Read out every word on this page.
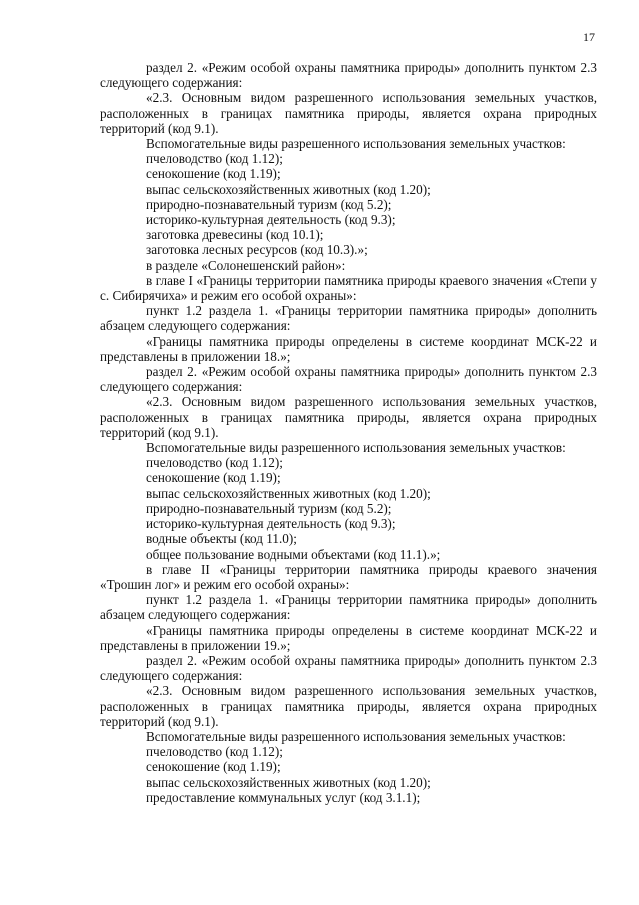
17

раздел 2. «Режим особой охраны памятника природы» дополнить пунктом 2.3 следующего содержания:

«2.3. Основным видом разрешенного использования земельных участков, расположенных в границах памятника природы, является охрана природных территорий (код 9.1).

Вспомогательные виды разрешенного использования земельных участков:

пчеловодство (код 1.12);

сенокошение (код 1.19);

выпас сельскохозяйственных животных (код 1.20);

природно-познавательный туризм (код 5.2);

историко-культурная деятельность (код 9.3);

заготовка древесины (код 10.1);

заготовка лесных ресурсов (код 10.3).»;

в разделе «Солонешенский район»:

в главе I «Границы территории памятника природы краевого значения «Степи у с. Сибирячиха» и режим его особой охраны»:

пункт 1.2 раздела 1. «Границы территории памятника природы» дополнить абзацем следующего содержания:

«Границы памятника природы определены в системе координат МСК-22 и представлены в приложении 18.»;

раздел 2. «Режим особой охраны памятника природы» дополнить пунктом 2.3 следующего содержания:

«2.3. Основным видом разрешенного использования земельных участков, расположенных в границах памятника природы, является охрана природных территорий (код 9.1).

Вспомогательные виды разрешенного использования земельных участков:

пчеловодство (код 1.12);

сенокошение (код 1.19);

выпас сельскохозяйственных животных (код 1.20);

природно-познавательный туризм (код 5.2);

историко-культурная деятельность (код 9.3);

водные объекты (код 11.0);

общее пользование водными объектами (код 11.1).»;

в главе II «Границы территории памятника природы краевого значения «Трошин лог» и режим его особой охраны»:

пункт 1.2 раздела 1. «Границы территории памятника природы» дополнить абзацем следующего содержания:

«Границы памятника природы определены в системе координат МСК-22 и представлены в приложении 19.»;

раздел 2. «Режим особой охраны памятника природы» дополнить пунктом 2.3 следующего содержания:

«2.3. Основным видом разрешенного использования земельных участков, расположенных в границах памятника природы, является охрана природных территорий (код 9.1).

Вспомогательные виды разрешенного использования земельных участков:

пчеловодство (код 1.12);

сенокошение (код 1.19);

выпас сельскохозяйственных животных (код 1.20);

предоставление коммунальных услуг (код 3.1.1);
